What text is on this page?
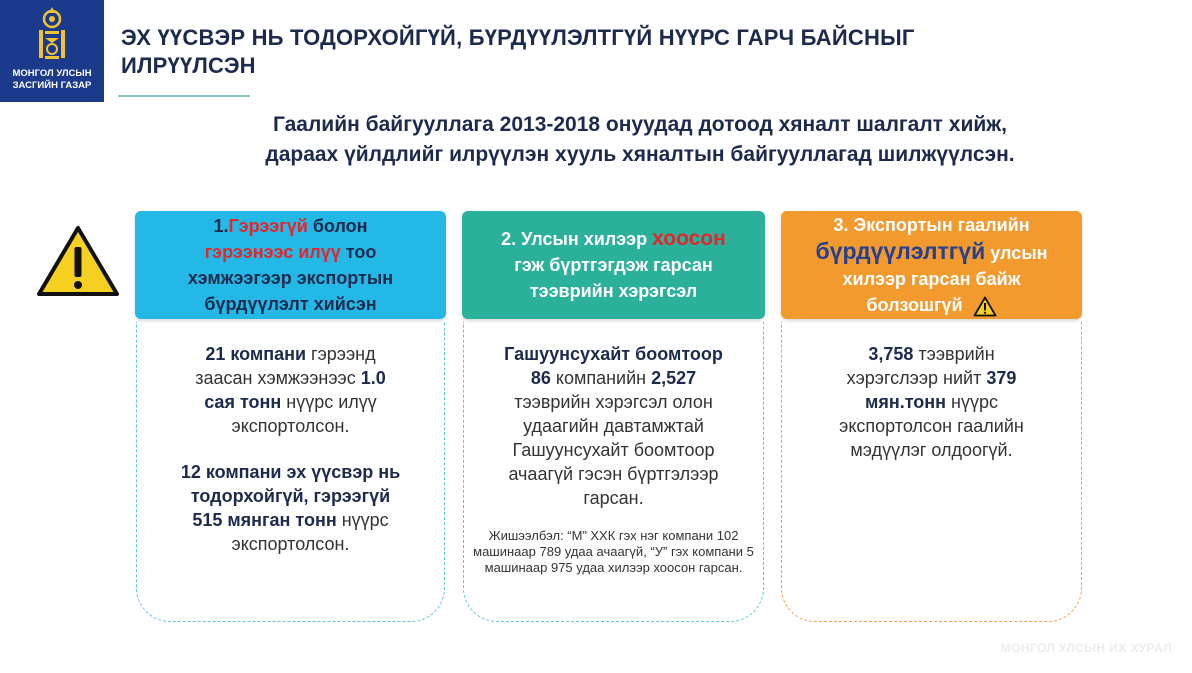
МОНГОЛ УЛСЫН
ЗАСГИЙН ГАЗАР
ЭХ ҮҮСВЭР НЬ ТОДОРХОЙГҮЙ, БҮРДҮҮЛЭЛТГҮЙ НҮҮРС ГАРЧ БАЙСНЫГ ИЛРҮҮЛСЭН
Гаалийн байгууллага 2013-2018 онуудад дотоод хяналт шалгалт хийж,
дараах үйлдлийг илрүүлэн хууль хяналтын байгууллагад шилжүүлсэн.
1.Гэрээгүй болон
гэрээнээс илүү тоо
хэмжээгээр экспортын
бүрдүүлэлт хийсэн
2. Улсын хилээр хоосон
гэж бүртгэгдэж гарсан
тээврийн хэрэгсэл
3. Экспортын гаалийн
бүрдүүлэлтгүй улсын
хилээр гарсан байж
болзошгүй
21 компани гэрээнд
заасан хэмжээнээс 1.0
сая тонн нүүрс илүү
экспортолсон.
12 компани эх үүсвэр нь
тодорхойгүй, гэрээгүй
515 мянган тонн нүүрс
экспортолсон.
Гашуунсухайт боомтоор
86 компанийн 2,527
тээврийн хэрэгсэл олон
удаагийн давтамжтай
Гашуунсухайт боомтоор
ачаагүй гэсэн бүртгэлээр
гарсан.
Жишээлбэл: “М” ХХК гэх нэг компани 102 машинаар 789 удаа ачаагүй, “У” гэх компани 5 машинаар 975 удаа хилээр хоосон гарсан.
3,758 тээврийн
хэрэгслээр нийт 379
мян.тонн нүүрс
экспортолсон гаалийн
мэдүүлэг олдоогүй.
МОНГОЛ УЛСЫН ИХ ХУРАЛ
